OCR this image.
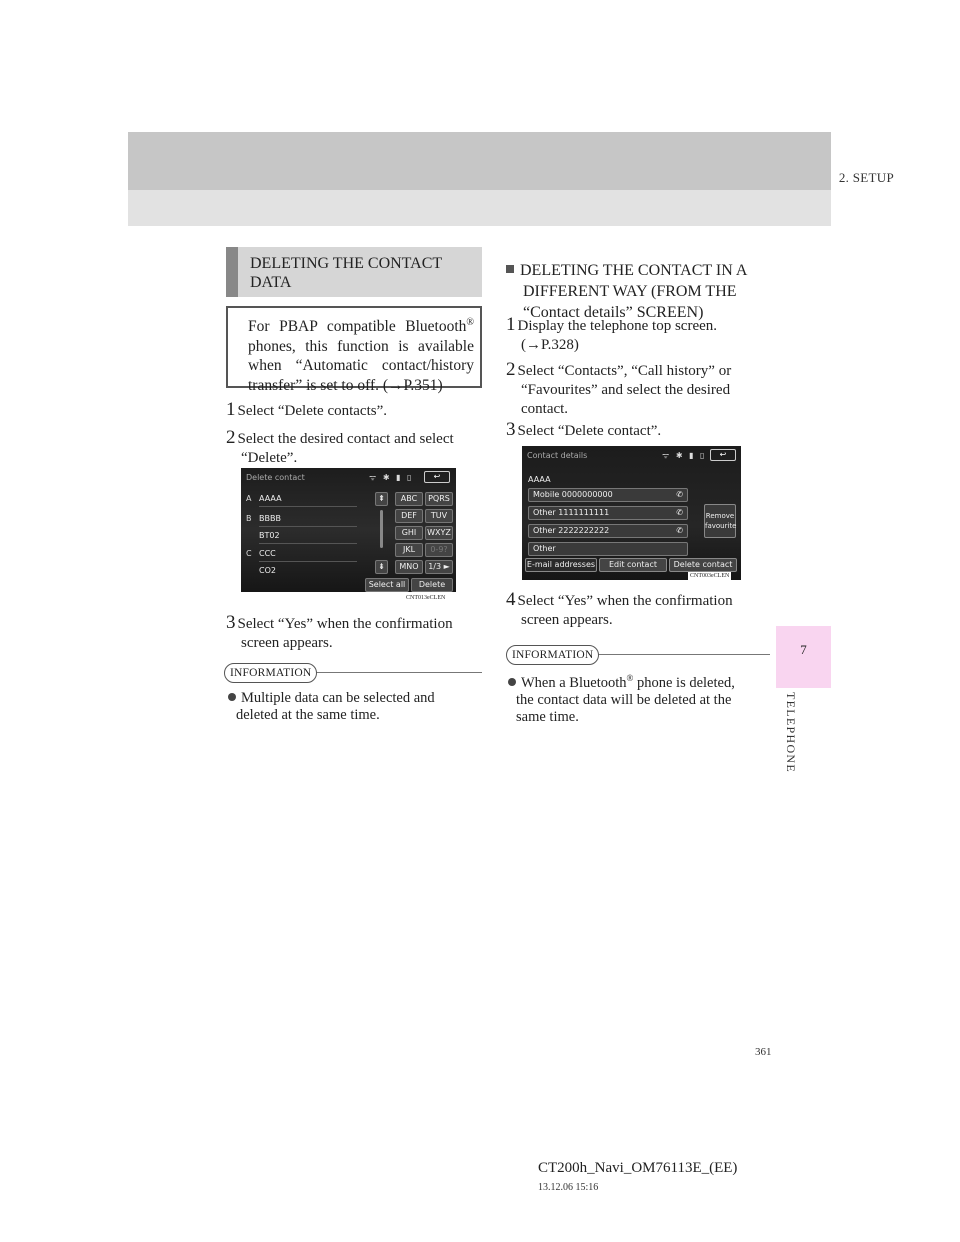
2. SETUP
7
TELEPHONE
DELETING THE CONTACT
DATA
For PBAP compatible Bluetooth® phones, this function is available when “Automatic contact/history transfer” is set to off. (→P.351)
1 Select “Delete contacts”.
2 Select the desired contact and select
“Delete”.
Delete contact	ᯤ ✱ ▮ ▯	↩
A AAAA
B BBBB
BT02
C CCC
CO2
⇞
⇟
ABC	PQRS
DEF	TUV
GHI	WXYZ
JKL	0-9?
MNO	1/3 ►
Select all	Delete
CNT013eCLEN
3 Select “Yes” when the confirmation
screen appears.
INFORMATION
Multiple data can be selected and
deleted at the same time.
DELETING THE CONTACT IN A
DIFFERENT WAY (FROM THE
“Contact details” SCREEN)
1 Display the telephone top screen.
(→P.328)
2 Select “Contacts”, “Call history” or
“Favourites” and select the desired
contact.
3 Select “Delete contact”.
Contact details	ᯤ ✱ ▮ ▯	↩
AAAA
Mobile 0000000000	✆
Other 1111111111	✆
Other 2222222222	✆
Other
Remove
favourite
E-mail addresses	Edit contact	Delete contact
CNT003eCLEN
4 Select “Yes” when the confirmation
screen appears.
INFORMATION
When a Bluetooth® phone is deleted,
the contact data will be deleted at the
same time.
361
CT200h_Navi_OM76113E_(EE)
13.12.06 15:16
